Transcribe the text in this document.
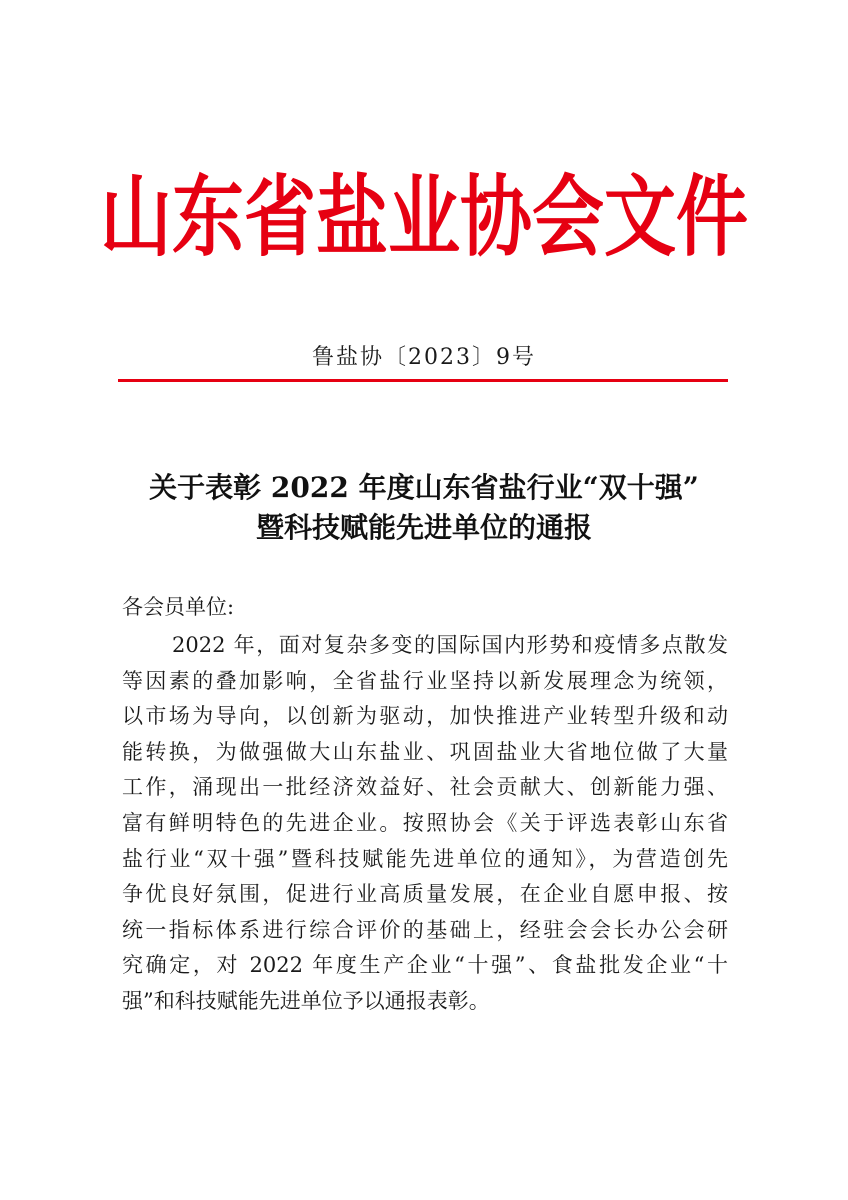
山东省盐业协会文件
鲁盐协〔2023〕9号
关于表彰 2022 年度山东省盐行业“双十强”
暨科技赋能先进单位的通报
各会员单位:
2022 年，面对复杂多变的国际国内形势和疫情多点散发
等因素的叠加影响，全省盐行业坚持以新发展理念为统领，
以市场为导向，以创新为驱动，加快推进产业转型升级和动
能转换，为做强做大山东盐业、巩固盐业大省地位做了大量
工作，涌现出一批经济效益好、社会贡献大、创新能力强、
富有鲜明特色的先进企业。按照协会《关于评选表彰山东省
盐行业“双十强”暨科技赋能先进单位的通知》，为营造创先
争优良好氛围，促进行业高质量发展，在企业自愿申报、按
统一指标体系进行综合评价的基础上，经驻会会长办公会研
究确定，对 2022 年度生产企业“十强”、食盐批发企业“十
强”和科技赋能先进单位予以通报表彰。
